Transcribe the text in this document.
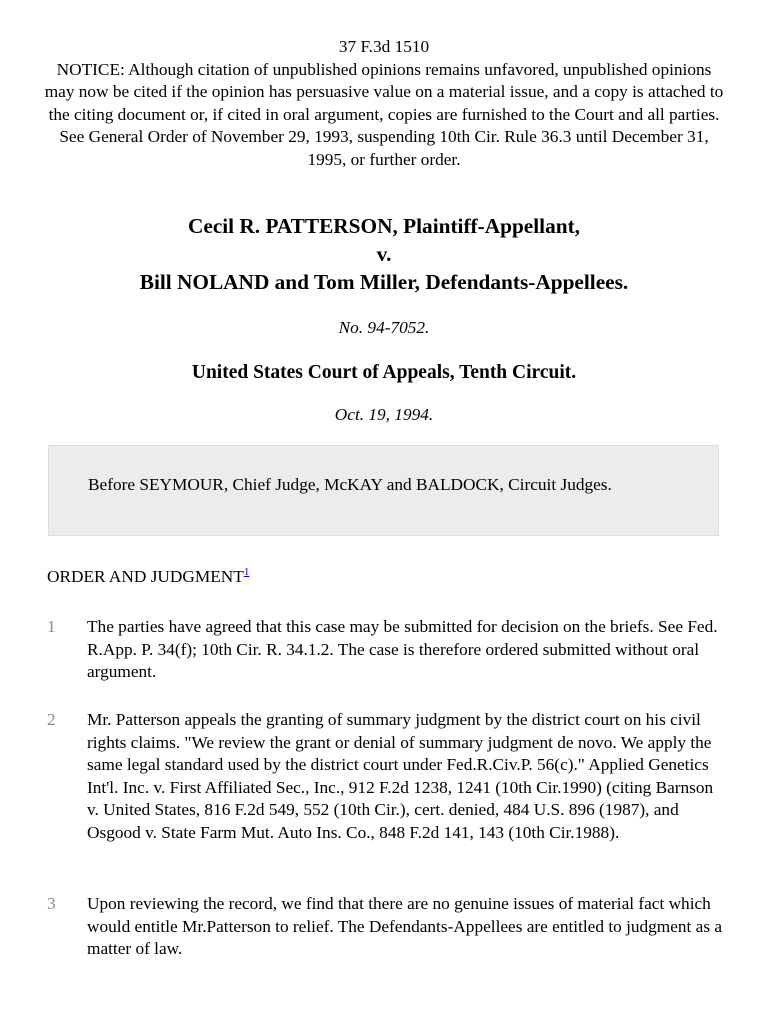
37 F.3d 1510

NOTICE: Although citation of unpublished opinions remains unfavored, unpublished opinions may now be cited if the opinion has persuasive value on a material issue, and a copy is attached to the citing document or, if cited in oral argument, copies are furnished to the Court and all parties. See General Order of November 29, 1993, suspending 10th Cir. Rule 36.3 until December 31, 1995, or further order.

Cecil R. PATTERSON, Plaintiff-Appellant,
v.
Bill NOLAND and Tom Miller, Defendants-Appellees.
No. 94-7052.
United States Court of Appeals, Tenth Circuit.
Oct. 19, 1994.

Before SEYMOUR, Chief Judge, McKAY and BALDOCK, Circuit Judges.

ORDER AND JUDGMENT$^1$
1 The parties have agreed that this case may be submitted for decision on the briefs. See Fed. R.App. P. 34(f); 10th Cir. R. 34.1.2. The case is therefore ordered submitted without oral argument.

2 Mr. Patterson appeals the granting of summary judgment by the district court on his civil rights claims. "We review the grant or denial of summary judgment de novo. We apply the same legal standard used by the district court under Fed.R.Civ.P. 56(c)." Applied Genetics Int'l. Inc. v. First Affiliated Sec., Inc., 912 F.2d 1238, 1241 (10th Cir.1990) (citing Barnson v. United States, 816 F.2d 549, 552 (10th Cir.), cert. denied, 484 U.S. 896 (1987), and Osgood v. State Farm Mut. Auto Ins. Co., 848 F.2d 141, 143 (10th Cir.1988).

3 Upon reviewing the record, we find that there are no genuine issues of material fact which would entitle Mr.Patterson to relief. The Defendants-Appellees are entitled to judgment as a matter of law.
